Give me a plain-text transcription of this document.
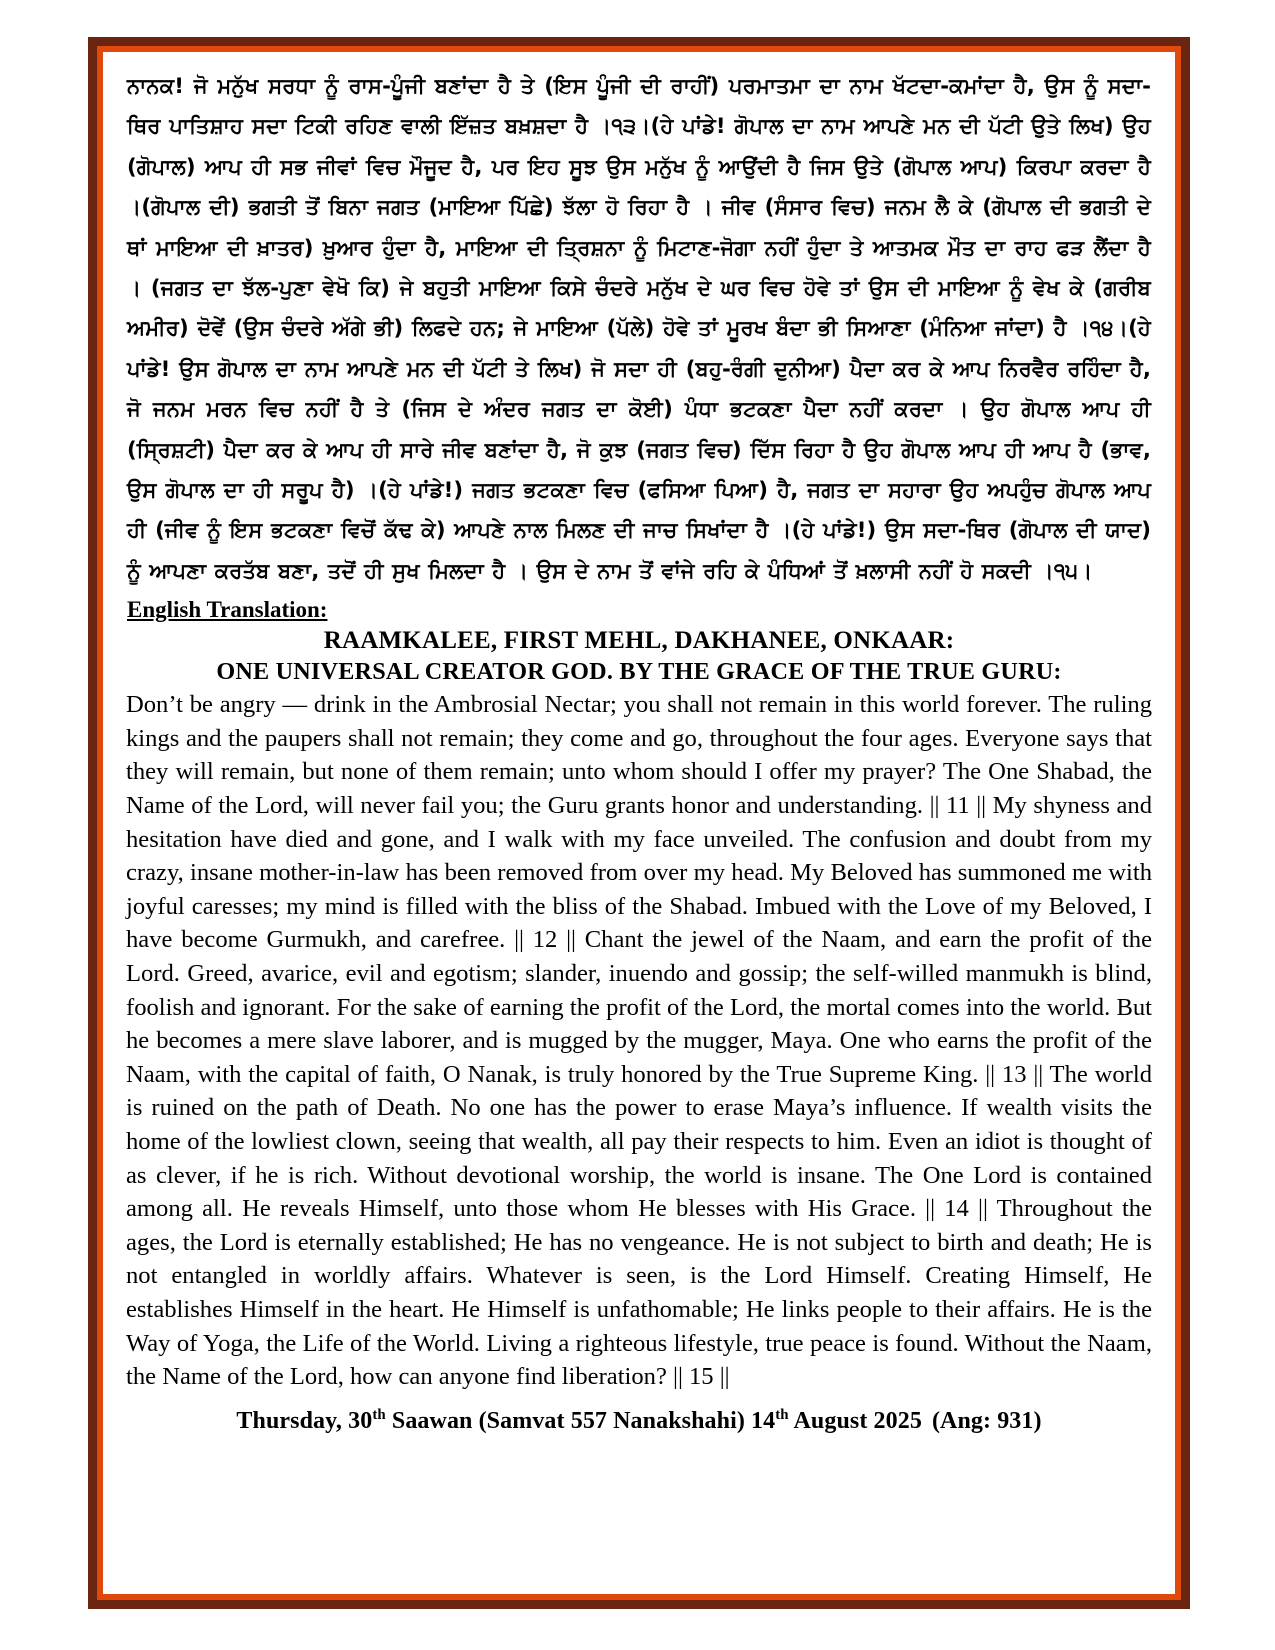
ਨਾਨਕ! ਜੋ ਮਨੁੱਖ ਸਰਧਾ ਨੂੰ ਰਾਸ-ਪੂੰਜੀ ਬਣਾਂਦਾ ਹੈ ਤੇ (ਇਸ ਪੂੰਜੀ ਦੀ ਰਾਹੀਂ) ਪਰਮਾਤਮਾ ਦਾ ਨਾਮ ਖੱਟਦਾ-ਕਮਾਂਦਾ ਹੈ, ਉਸ ਨੂੰ ਸਦਾ-ਥਿਰ ਪਾਤਿਸ਼ਾਹ ਸਦਾ ਟਿਕੀ ਰਹਿਣ ਵਾਲੀ ਇੱਜ਼ਤ ਬਖ਼ਸ਼ਦਾ ਹੈ ।੧੩।(ਹੇ ਪਾਂਡੇ! ਗੋਪਾਲ ਦਾ ਨਾਮ ਆਪਣੇ ਮਨ ਦੀ ਪੱਟੀ ਉੁਤੇ ਲਿਖ) ਉਹ (ਗੋਪਾਲ) ਆਪ ਹੀ ਸਭ ਜੀਵਾਂ ਵਿਚ ਮੌਜੂਦ ਹੈ, ਪਰ ਇਹ ਸੂਝ ਉਸ ਮਨੁੱਖ ਨੂੰ ਆਉਂਦੀ ਹੈ ਜਿਸ ਉੁਤੇ (ਗੋਪਾਲ ਆਪ) ਕਿਰਪਾ ਕਰਦਾ ਹੈ ।(ਗੋਪਾਲ ਦੀ) ਭਗਤੀ ਤੋਂ ਬਿਨਾ ਜਗਤ (ਮਾਇਆ ਪਿੱਛੇ) ਝੱਲਾ ਹੋ ਰਿਹਾ ਹੈ । ਜੀਵ (ਸੰਸਾਰ ਵਿਚ) ਜਨਮ ਲੈ ਕੇ (ਗੋਪਾਲ ਦੀ ਭਗਤੀ ਦੇ ਥਾਂ ਮਾਇਆ ਦੀ ਖ਼ਾਤਰ) ਖ਼ੁਆਰ ਹੁੰਦਾ ਹੈ, ਮਾਇਆ ਦੀ ਤ੍ਰਿਸ਼ਨਾ ਨੂੰ ਮਿਟਾਣ-ਜੋਗਾ ਨਹੀਂ ਹੁੰਦਾ ਤੇ ਆਤਮਕ ਮੌਤ ਦਾ ਰਾਹ ਫੜ ਲੈਂਦਾ ਹੈ । (ਜਗਤ ਦਾ ਝੱਲ-ਪੁਣਾ ਵੇਖੋ ਕਿ) ਜੇ ਬਹੁਤੀ ਮਾਇਆ ਕਿਸੇ ਚੰਦਰੇ ਮਨੁੱਖ ਦੇ ਘਰ ਵਿਚ ਹੋਵੇ ਤਾਂ ਉਸ ਦੀ ਮਾਇਆ ਨੂੰ ਵੇਖ ਕੇ (ਗਰੀਬ ਅਮੀਰ) ਦੋਵੇਂ (ਉਸ ਚੰਦਰੇ ਅੱਗੇ ਭੀ) ਲਿਫਦੇ ਹਨ; ਜੇ ਮਾਇਆ (ਪੱਲੇ) ਹੋਵੇ ਤਾਂ ਮੂਰਖ ਬੰਦਾ ਭੀ ਸਿਆਣਾ (ਮੰਨਿਆ ਜਾਂਦਾ) ਹੈ ।੧੪।(ਹੇ ਪਾਂਡੇ! ਉਸ ਗੋਪਾਲ ਦਾ ਨਾਮ ਆਪਣੇ ਮਨ ਦੀ ਪੱਟੀ ਤੇ ਲਿਖ) ਜੋ ਸਦਾ ਹੀ (ਬਹੁ-ਰੰਗੀ ਦੁਨੀਆ) ਪੈਦਾ ਕਰ ਕੇ ਆਪ ਨਿਰਵੈਰ ਰਹਿੰਦਾ ਹੈ, ਜੋ ਜਨਮ ਮਰਨ ਵਿਚ ਨਹੀਂ ਹੈ ਤੇ (ਜਿਸ ਦੇ ਅੰਦਰ ਜਗਤ ਦਾ ਕੋਈ) ਪੰਧਾ ਭਟਕਣਾ ਪੈਦਾ ਨਹੀਂ ਕਰਦਾ । ਉਹ ਗੋਪਾਲ ਆਪ ਹੀ (ਸ੍ਰਿਸ਼ਟੀ) ਪੈਦਾ ਕਰ ਕੇ ਆਪ ਹੀ ਸਾਰੇ ਜੀਵ ਬਣਾਂਦਾ ਹੈ, ਜੋ ਕੁਝ (ਜਗਤ ਵਿਚ) ਦਿੱਸ ਰਿਹਾ ਹੈ ਉਹ ਗੋਪਾਲ ਆਪ ਹੀ ਆਪ ਹੈ (ਭਾਵ, ਉਸ ਗੋਪਾਲ ਦਾ ਹੀ ਸਰੂਪ ਹੈ) ।(ਹੇ ਪਾਂਡੇ!) ਜਗਤ ਭਟਕਣਾ ਵਿਚ (ਫਸਿਆ ਪਿਆ) ਹੈ, ਜਗਤ ਦਾ ਸਹਾਰਾ ਉਹ ਅਪਹੁੰਚ ਗੋਪਾਲ ਆਪ ਹੀ (ਜੀਵ ਨੂੰ ਇਸ ਭਟਕਣਾ ਵਿਚੋਂ ਕੱਢ ਕੇ) ਆਪਣੇ ਨਾਲ ਮਿਲਣ ਦੀ ਜਾਚ ਸਿਖਾਂਦਾ ਹੈ ।(ਹੇ ਪਾਂਡੇ!) ਉਸ ਸਦਾ-ਥਿਰ (ਗੋਪਾਲ ਦੀ ਯਾਦ) ਨੂੰ ਆਪਣਾ ਕਰਤੱਬ ਬਣਾ, ਤਦੋਂ ਹੀ ਸੁਖ ਮਿਲਦਾ ਹੈ । ਉਸ ਦੇ ਨਾਮ ਤੋਂ ਵਾਂਜੇ ਰਹਿ ਕੇ ਪੰਧਿਆਂ ਤੋਂ ਖ਼ਲਾਸੀ ਨਹੀਂ ਹੋ ਸਕਦੀ ।੧੫।

English Translation:

RAAMKALEE, FIRST MEHL, DAKHANEE, ONKAAR:

ONE UNIVERSAL CREATOR GOD. BY THE GRACE OF THE TRUE GURU:

Don’t be angry — drink in the Ambrosial Nectar; you shall not remain in this world forever. The ruling kings and the paupers shall not remain; they come and go, throughout the four ages. Everyone says that they will remain, but none of them remain; unto whom should I offer my prayer? The One Shabad, the Name of the Lord, will never fail you; the Guru grants honor and understanding. || 11 || My shyness and hesitation have died and gone, and I walk with my face unveiled. The confusion and doubt from my crazy, insane mother-in-law has been removed from over my head. My Beloved has summoned me with joyful caresses; my mind is filled with the bliss of the Shabad. Imbued with the Love of my Beloved, I have become Gurmukh, and carefree. || 12 || Chant the jewel of the Naam, and earn the profit of the Lord. Greed, avarice, evil and egotism; slander, inuendo and gossip; the self-willed manmukh is blind, foolish and ignorant. For the sake of earning the profit of the Lord, the mortal comes into the world. But he becomes a mere slave laborer, and is mugged by the mugger, Maya. One who earns the profit of the Naam, with the capital of faith, O Nanak, is truly honored by the True Supreme King. || 13 || The world is ruined on the path of Death. No one has the power to erase Maya’s influence. If wealth visits the home of the lowliest clown, seeing that wealth, all pay their respects to him. Even an idiot is thought of as clever, if he is rich. Without devotional worship, the world is insane. The One Lord is contained among all. He reveals Himself, unto those whom He blesses with His Grace. || 14 || Throughout the ages, the Lord is eternally established; He has no vengeance. He is not subject to birth and death; He is not entangled in worldly affairs. Whatever is seen, is the Lord Himself. Creating Himself, He establishes Himself in the heart. He Himself is unfathomable; He links people to their affairs. He is the Way of Yoga, the Life of the World. Living a righteous lifestyle, true peace is found. Without the Naam, the Name of the Lord, how can anyone find liberation? || 15 ||

Thursday, 30th Saawan (Samvat 557 Nanakshahi) 14th August 2025 (Ang: 931)
